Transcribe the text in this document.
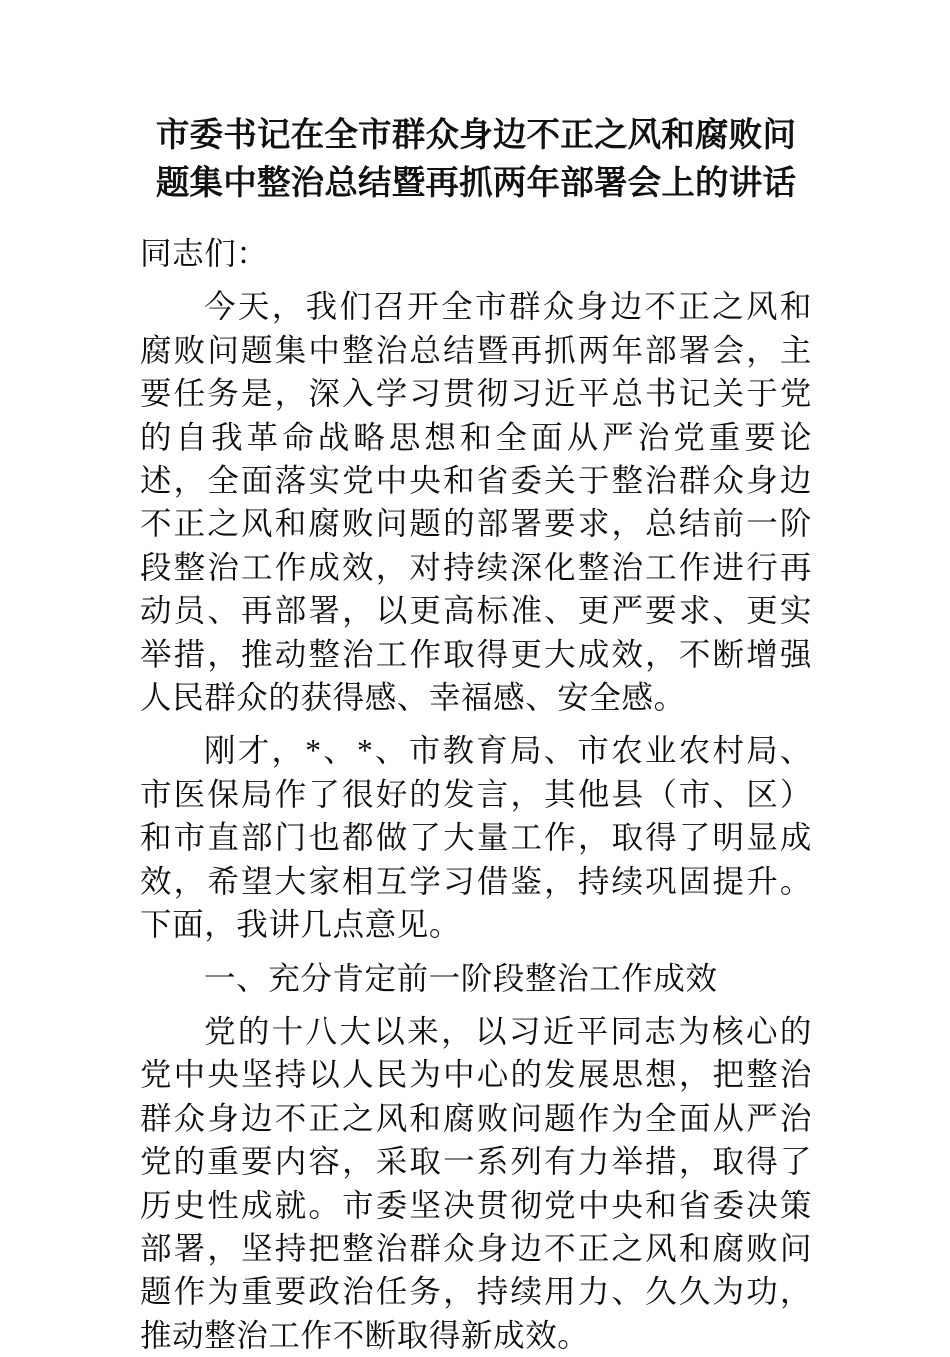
市委书记在全市群众身边不正之风和腐败问题集中整治总结暨再抓两年部署会上的讲话

同志们：

今天，我们召开全市群众身边不正之风和腐败问题集中整治总结暨再抓两年部署会，主要任务是，深入学习贯彻习近平总书记关于党的自我革命战略思想和全面从严治党重要论述，全面落实党中央和省委关于整治群众身边不正之风和腐败问题的部署要求，总结前一阶段整治工作成效，对持续深化整治工作进行再动员、再部署，以更高标准、更严要求、更实举措，推动整治工作取得更大成效，不断增强人民群众的获得感、幸福感、安全感。

刚才，*、*、市教育局、市农业农村局、市医保局作了很好的发言，其他县（市、区）和市直部门也都做了大量工作，取得了明显成效，希望大家相互学习借鉴，持续巩固提升。下面，我讲几点意见。

一、充分肯定前一阶段整治工作成效

党的十八大以来，以习近平同志为核心的党中央坚持以人民为中心的发展思想，把整治群众身边不正之风和腐败问题作为全面从严治党的重要内容，采取一系列有力举措，取得了历史性成就。市委坚决贯彻党中央和省委决策部署，坚持把整治群众身边不正之风和腐败问题作为重要政治任务，持续用力、久久为功，推动整治工作不断取得新成效。
